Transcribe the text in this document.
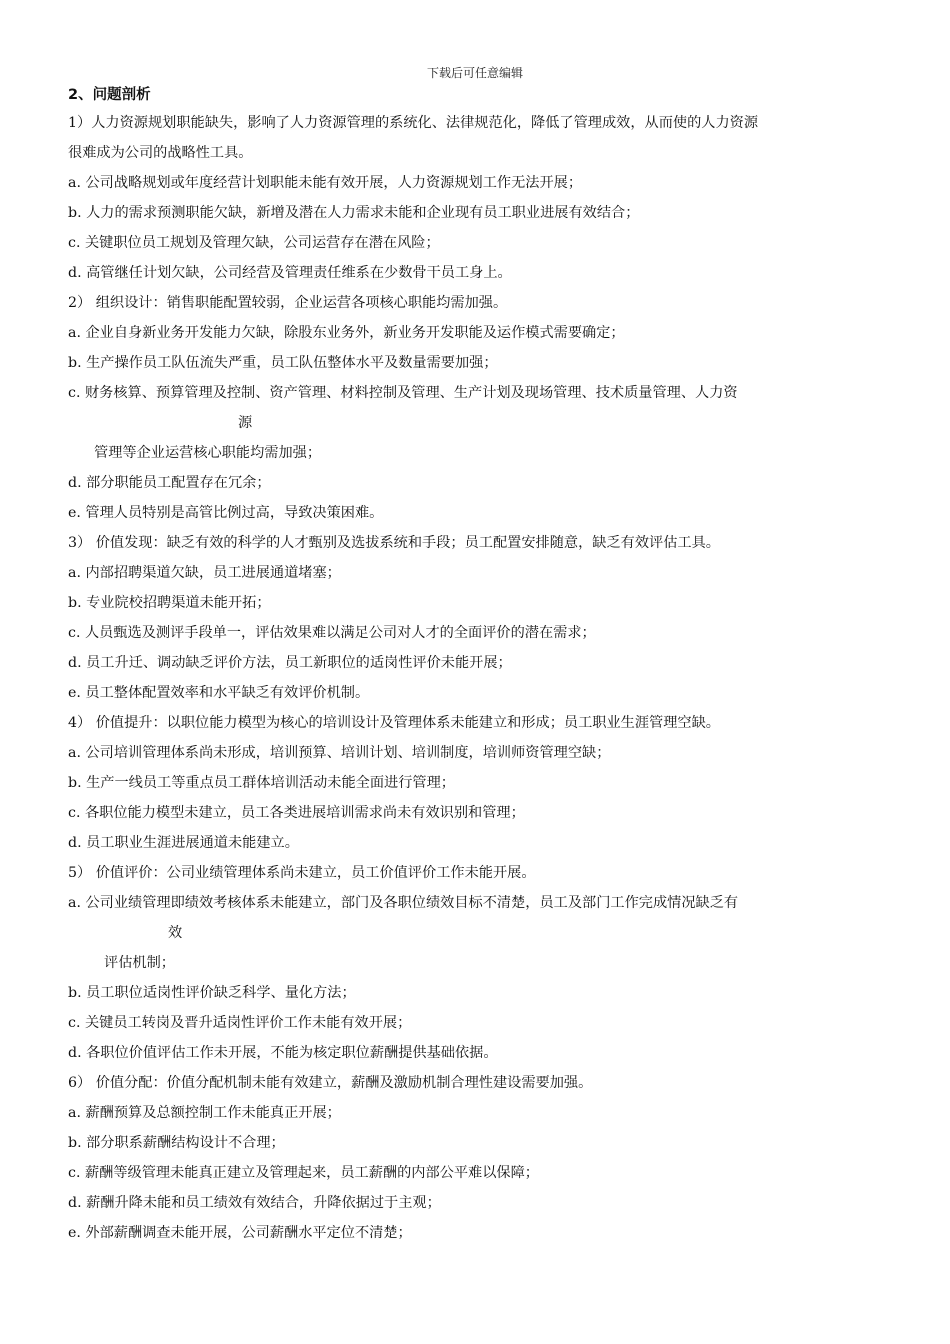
下载后可任意编辑
2、问题剖析
1）人力资源规划职能缺失，影响了人力资源管理的系统化、法律规范化，降低了管理成效，从而使的人力资源
很难成为公司的战略性工具。
a. 公司战略规划或年度经营计划职能未能有效开展，人力资源规划工作无法开展；
b. 人力的需求预测职能欠缺，新增及潜在人力需求未能和企业现有员工职业进展有效结合；
c. 关键职位员工规划及管理欠缺，公司运营存在潜在风险；
d. 高管继任计划欠缺，公司经营及管理责任维系在少数骨干员工身上。
2） 组织设计：销售职能配置较弱，企业运营各项核心职能均需加强。
a. 企业自身新业务开发能力欠缺，除股东业务外，新业务开发职能及运作模式需要确定；
b. 生产操作员工队伍流失严重，员工队伍整体水平及数量需要加强；
c. 财务核算、预算管理及控制、资产管理、材料控制及管理、生产计划及现场管理、技术质量管理、人力资
源
管理等企业运营核心职能均需加强；
d. 部分职能员工配置存在冗余；
e. 管理人员特别是高管比例过高，导致决策困难。
3） 价值发现：缺乏有效的科学的人才甄别及选拔系统和手段；员工配置安排随意，缺乏有效评估工具。
a. 内部招聘渠道欠缺，员工进展通道堵塞；
b. 专业院校招聘渠道未能开拓；
c. 人员甄选及测评手段单一，评估效果难以满足公司对人才的全面评价的潜在需求；
d. 员工升迁、调动缺乏评价方法，员工新职位的适岗性评价未能开展；
e. 员工整体配置效率和水平缺乏有效评价机制。
4） 价值提升：以职位能力模型为核心的培训设计及管理体系未能建立和形成；员工职业生涯管理空缺。
a. 公司培训管理体系尚未形成，培训预算、培训计划、培训制度，培训师资管理空缺；
b. 生产一线员工等重点员工群体培训活动未能全面进行管理；
c. 各职位能力模型未建立，员工各类进展培训需求尚未有效识别和管理；
d. 员工职业生涯进展通道未能建立。
5） 价值评价：公司业绩管理体系尚未建立，员工价值评价工作未能开展。
a. 公司业绩管理即绩效考核体系未能建立，部门及各职位绩效目标不清楚，员工及部门工作完成情况缺乏有
效
评估机制；
b. 员工职位适岗性评价缺乏科学、量化方法；
c. 关键员工转岗及晋升适岗性评价工作未能有效开展；
d. 各职位价值评估工作未开展，不能为核定职位薪酬提供基础依据。
6） 价值分配：价值分配机制未能有效建立，薪酬及激励机制合理性建设需要加强。
a. 薪酬预算及总额控制工作未能真正开展；
b. 部分职系薪酬结构设计不合理；
c. 薪酬等级管理未能真正建立及管理起来，员工薪酬的内部公平难以保障；
d. 薪酬升降未能和员工绩效有效结合，升降依据过于主观；
e. 外部薪酬调查未能开展，公司薪酬水平定位不清楚；
